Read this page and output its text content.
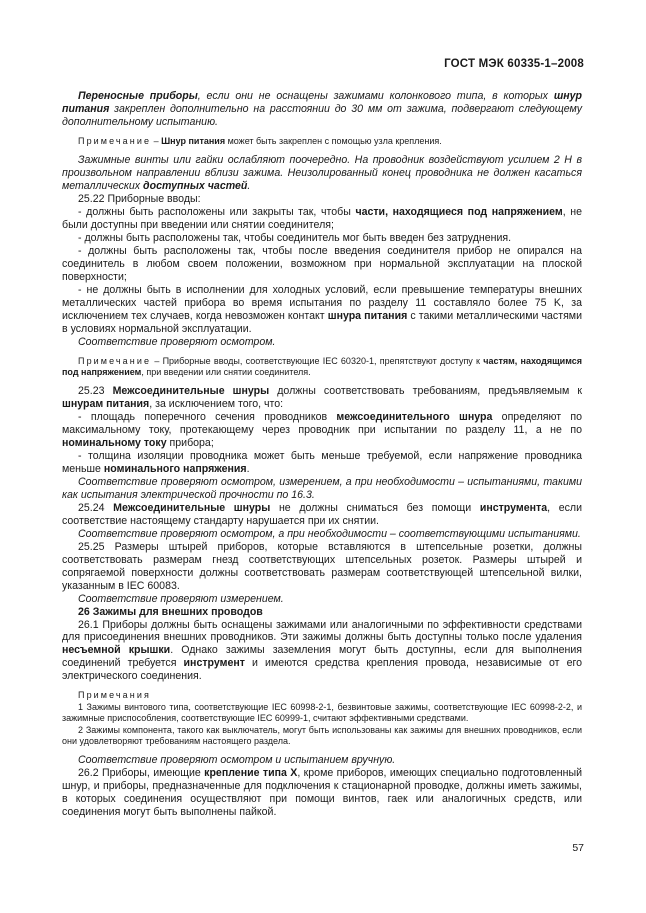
ГОСТ МЭК 60335-1–2008

Переносные приборы, если они не оснащены зажимами колонкового типа, в которых шнур питания закреплен дополнительно на расстоянии до 30 мм от зажима, подвергают следующему дополнительному испытанию.

Примечание – Шнур питания может быть закреплен с помощью узла крепления.

Зажимные винты или гайки ослабляют поочередно. На проводник воздействуют усилием 2 Н в произвольном направлении вблизи зажима. Неизолированный конец проводника не должен касаться металлических доступных частей.

25.22 Приборные вводы:

- должны быть расположены или закрыты так, чтобы части, находящиеся под напряжением, не были доступны при введении или снятии соединителя;

- должны быть расположены так, чтобы соединитель мог быть введен без затруднения.

- должны быть расположены так, чтобы после введения соединителя прибор не опирался на соединитель в любом своем положении, возможном при нормальной эксплуатации на плоской поверхности;

- не должны быть в исполнении для холодных условий, если превышение температуры внешних металлических частей прибора во время испытания по разделу 11 составляло более 75 K, за исключением тех случаев, когда невозможен контакт шнура питания с такими металлическими частями в условиях нормальной эксплуатации.

Соответствие проверяют осмотром.

Примечание – Приборные вводы, соответствующие IEC 60320-1, препятствуют доступу к частям, находящимся под напряжением, при введении или снятии соединителя.

25.23 Межсоединительные шнуры должны соответствовать требованиям, предъявляемым к шнурам питания, за исключением того, что:

- площадь поперечного сечения проводников межсоединительного шнура определяют по максимальному току, протекающему через проводник при испытании по разделу 11, а не по номинальному току прибора;

- толщина изоляции проводника может быть меньше требуемой, если напряжение проводника меньше номинального напряжения.

Соответствие проверяют осмотром, измерением, а при необходимости – испытаниями, такими как испытания электрической прочности по 16.3.

25.24 Межсоединительные шнуры не должны сниматься без помощи инструмента, если соответствие настоящему стандарту нарушается при их снятии.

Соответствие проверяют осмотром, а при необходимости – соответствующими испытаниями.

25.25 Размеры штырей приборов, которые вставляются в штепсельные розетки, должны соответствовать размерам гнезд соответствующих штепсельных розеток. Размеры штырей и сопрягаемой поверхности должны соответствовать размерам соответствующей штепсельной вилки, указанным в IEC 60083.

Соответствие проверяют измерением.

26 Зажимы для внешних проводов

26.1 Приборы должны быть оснащены зажимами или аналогичными по эффективности средствами для присоединения внешних проводников. Эти зажимы должны быть доступны только после удаления несъемной крышки. Однако зажимы заземления могут быть доступны, если для выполнения соединений требуется инструмент и имеются средства крепления провода, независимые от его электрического соединения.

Примечания

1 Зажимы винтового типа, соответствующие IEC 60998-2-1, безвинтовые зажимы, соответствующие IEC 60998-2-2, и зажимные приспособления, соответствующие IEC 60999-1, считают эффективными средствами.

2 Зажимы компонента, такого как выключатель, могут быть использованы как зажимы для внешних проводников, если они удовлетворяют требованиям настоящего раздела.

Соответствие проверяют осмотром и испытанием вручную.

26.2 Приборы, имеющие крепление типа X, кроме приборов, имеющих специально подготовленный шнур, и приборы, предназначенные для подключения к стационарной проводке, должны иметь зажимы, в которых соединения осуществляют при помощи винтов, гаек или аналогичных средств, или соединения могут быть выполнены пайкой.

57
